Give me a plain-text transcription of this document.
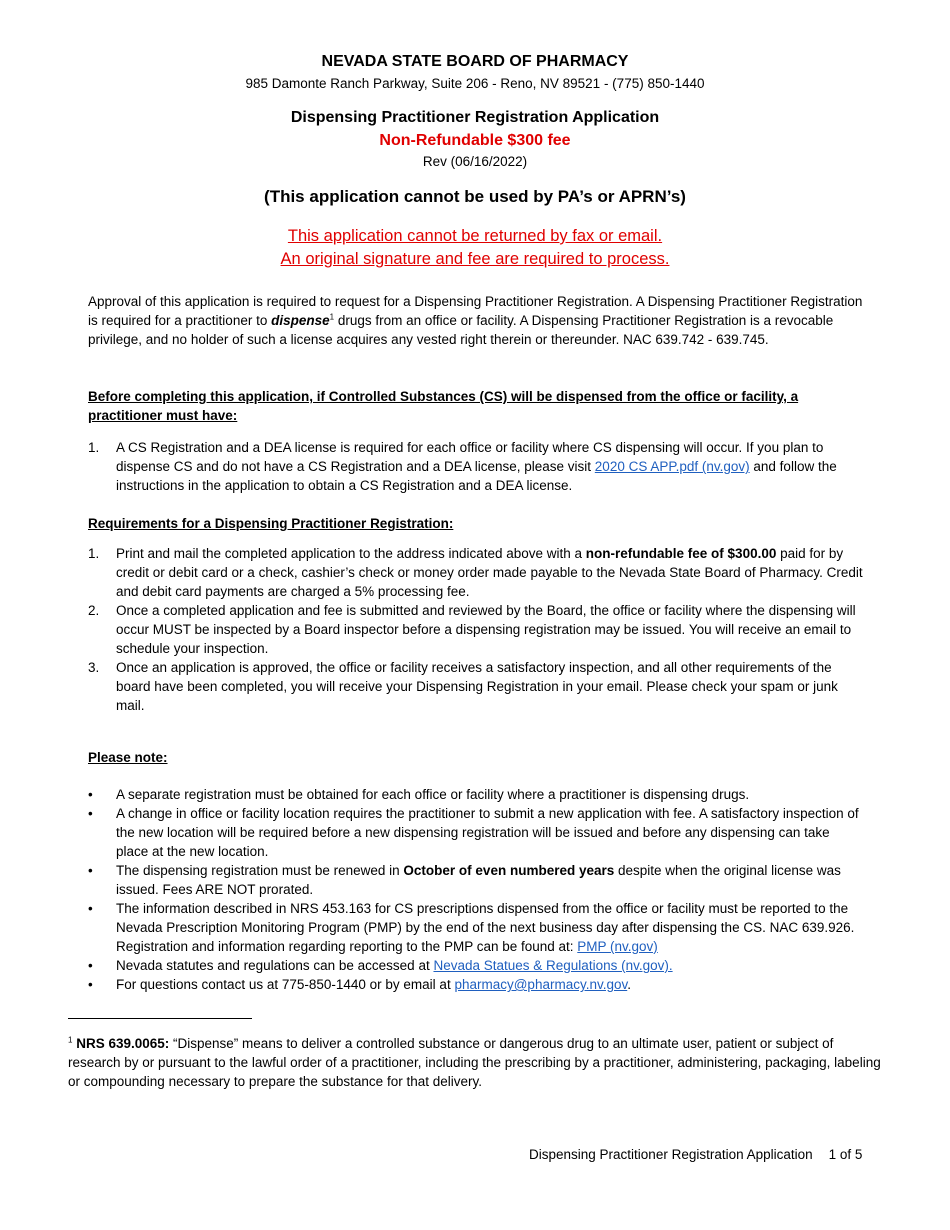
NEVADA STATE BOARD OF PHARMACY
985 Damonte Ranch Parkway, Suite 206 - Reno, NV 89521 - (775) 850-1440
Dispensing Practitioner Registration Application
Non-Refundable $300 fee
Rev (06/16/2022)
(This application cannot be used by PA’s or APRN’s)
This application cannot be returned by fax or email.
An original signature and fee are required to process.
Approval of this application is required to request for a Dispensing Practitioner Registration. A Dispensing Practitioner Registration is required for a practitioner to dispense$^1$ drugs from an office or facility. A Dispensing Practitioner Registration is a revocable privilege, and no holder of such a license acquires any vested right therein or thereunder. NAC 639.742 - 639.745.
Before completing this application, if Controlled Substances (CS) will be dispensed from the office or facility, a practitioner must have:
1. A CS Registration and a DEA license is required for each office or facility where CS dispensing will occur. If you plan to dispense CS and do not have a CS Registration and a DEA license, please visit 2020 CS APP.pdf (nv.gov) and follow the instructions in the application to obtain a CS Registration and a DEA license.
Requirements for a Dispensing Practitioner Registration:
1. Print and mail the completed application to the address indicated above with a non-refundable fee of $300.00 paid for by credit or debit card or a check, cashier’s check or money order made payable to the Nevada State Board of Pharmacy. Credit and debit card payments are charged a 5% processing fee.
2. Once a completed application and fee is submitted and reviewed by the Board, the office or facility where the dispensing will occur MUST be inspected by a Board inspector before a dispensing registration may be issued. You will receive an email to schedule your inspection.
3. Once an application is approved, the office or facility receives a satisfactory inspection, and all other requirements of the board have been completed, you will receive your Dispensing Registration in your email. Please check your spam or junk mail.
Please note:
• A separate registration must be obtained for each office or facility where a practitioner is dispensing drugs.
• A change in office or facility location requires the practitioner to submit a new application with fee. A satisfactory inspection of the new location will be required before a new dispensing registration will be issued and before any dispensing can take place at the new location.
• The dispensing registration must be renewed in October of even numbered years despite when the original license was issued. Fees ARE NOT prorated.
• The information described in NRS 453.163 for CS prescriptions dispensed from the office or facility must be reported to the Nevada Prescription Monitoring Program (PMP) by the end of the next business day after dispensing the CS. NAC 639.926. Registration and information regarding reporting to the PMP can be found at: PMP (nv.gov)
• Nevada statutes and regulations can be accessed at Nevada Statues & Regulations (nv.gov).
• For questions contact us at 775-850-1440 or by email at pharmacy@pharmacy.nv.gov.
$^1$ NRS 639.0065: “Dispense” means to deliver a controlled substance or dangerous drug to an ultimate user, patient or subject of research by or pursuant to the lawful order of a practitioner, including the prescribing by a practitioner, administering, packaging, labeling or compounding necessary to prepare the substance for that delivery.
Dispensing Practitioner Registration Application 1 of 5
